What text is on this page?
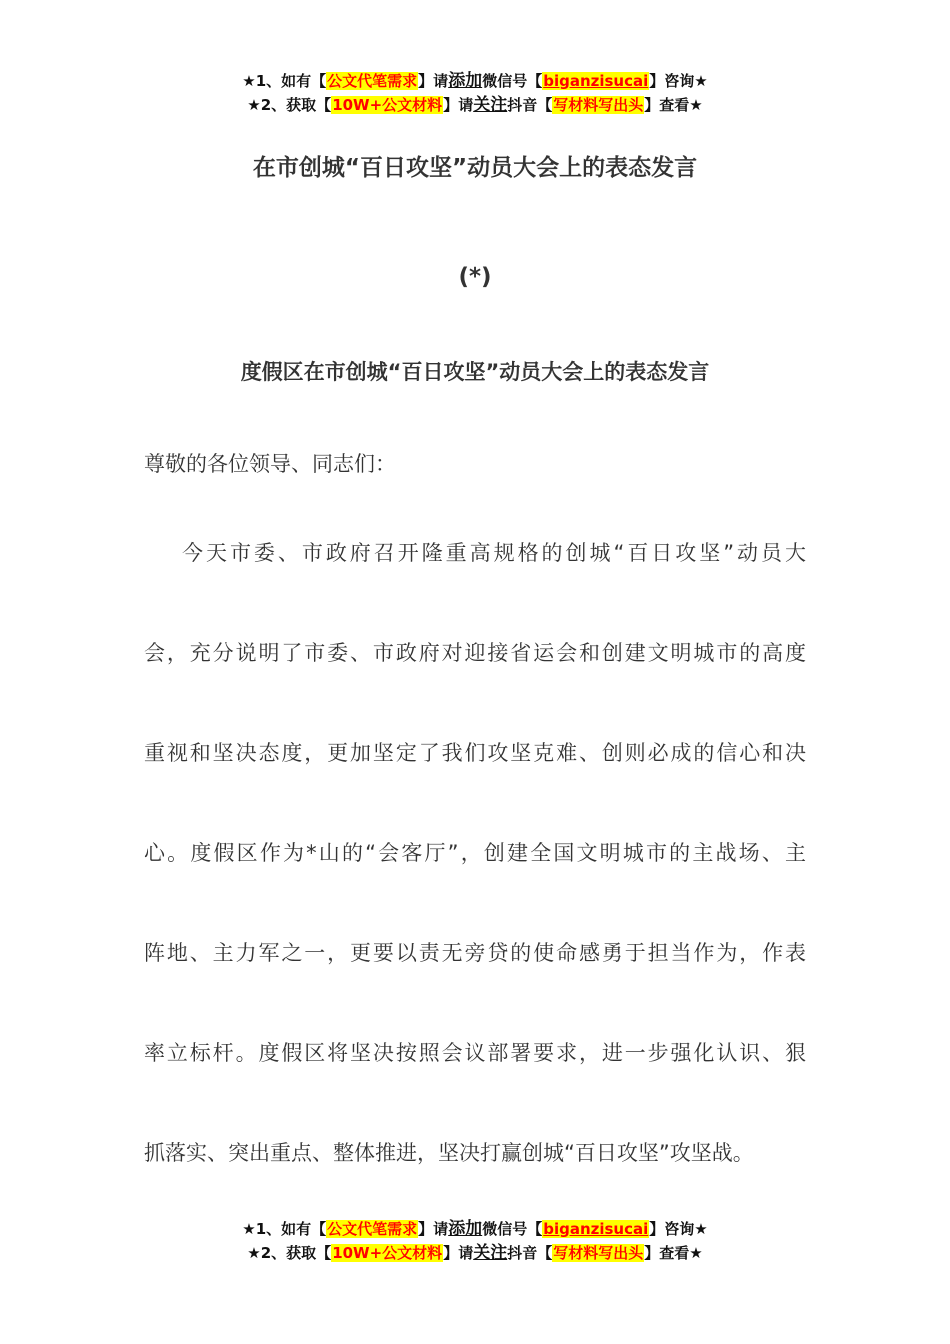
★1、如有【公文代笔需求】请添加微信号【biganzisucai】咨询★
★2、获取【10W+公文材料】请关注抖音【写材料写出头】查看★
在市创城“百日攻坚”动员大会上的表态发言
(*)
度假区在市创城“百日攻坚”动员大会上的表态发言
尊敬的各位领导、同志们：
今天市委、市政府召开隆重高规格的创城“百日攻坚”动员大
会，充分说明了市委、市政府对迎接省运会和创建文明城市的高度
重视和坚决态度，更加坚定了我们攻坚克难、创则必成的信心和决
心。度假区作为*山的“会客厅”，创建全国文明城市的主战场、主
阵地、主力军之一，更要以责无旁贷的使命感勇于担当作为，作表
率立标杆。度假区将坚决按照会议部署要求，进一步强化认识、狠
抓落实、突出重点、整体推进，坚决打赢创城“百日攻坚”攻坚战。
★1、如有【公文代笔需求】请添加微信号【biganzisucai】咨询★
★2、获取【10W+公文材料】请关注抖音【写材料写出头】查看★
